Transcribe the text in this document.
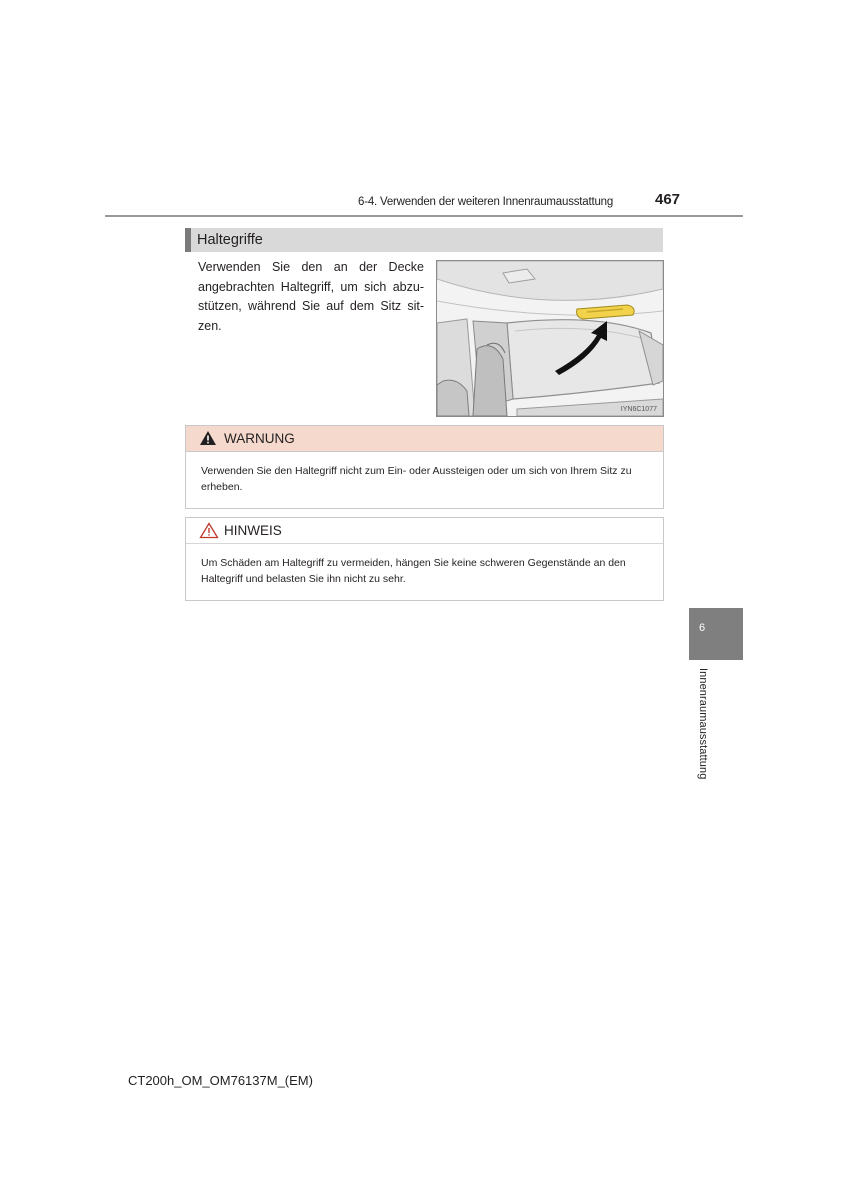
6-4. Verwenden der weiteren Innenraumausstattung	467
Haltegriffe
Verwenden Sie den an der Decke angebrachten Haltegriff, um sich abzu-stützen, während Sie auf dem Sitz sit-zen.
IYN6C1077
WARNUNG
Verwenden Sie den Haltegriff nicht zum Ein- oder Aussteigen oder um sich von Ihrem Sitz zu erheben.
HINWEIS
Um Schäden am Haltegriff zu vermeiden, hängen Sie keine schweren Gegenstände an den Haltegriff und belasten Sie ihn nicht zu sehr.
6
Innenraumausstattung
CT200h_OM_OM76137M_(EM)
